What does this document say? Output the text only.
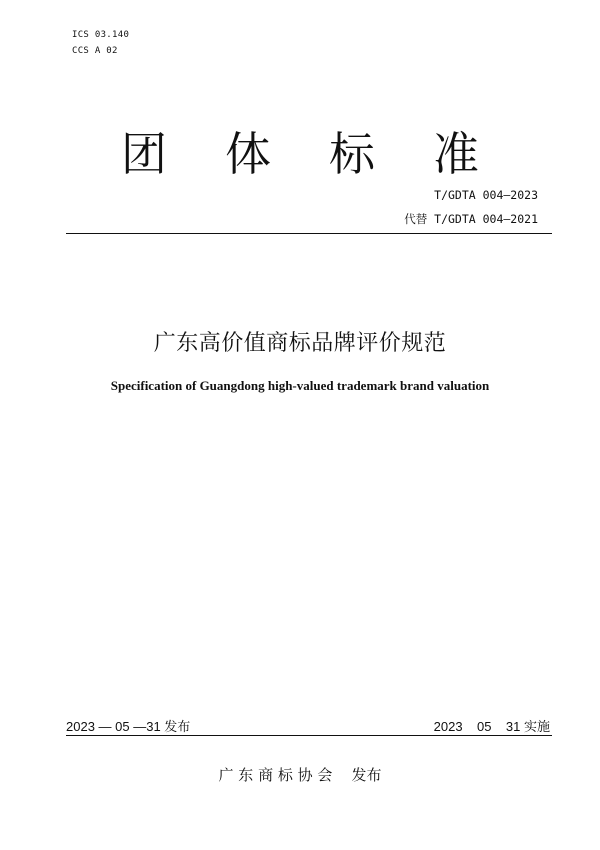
ICS 03.140
CCS A 02
团 体 标 准
T/GDTA 004—2023
代替 T/GDTA 004—2021
广东高价值商标品牌评价规范
Specification of Guangdong high-valued trademark brand valuation
2023 — 05 —31 发布	2023    05    31 实施
广 东 商 标 协 会    发布
